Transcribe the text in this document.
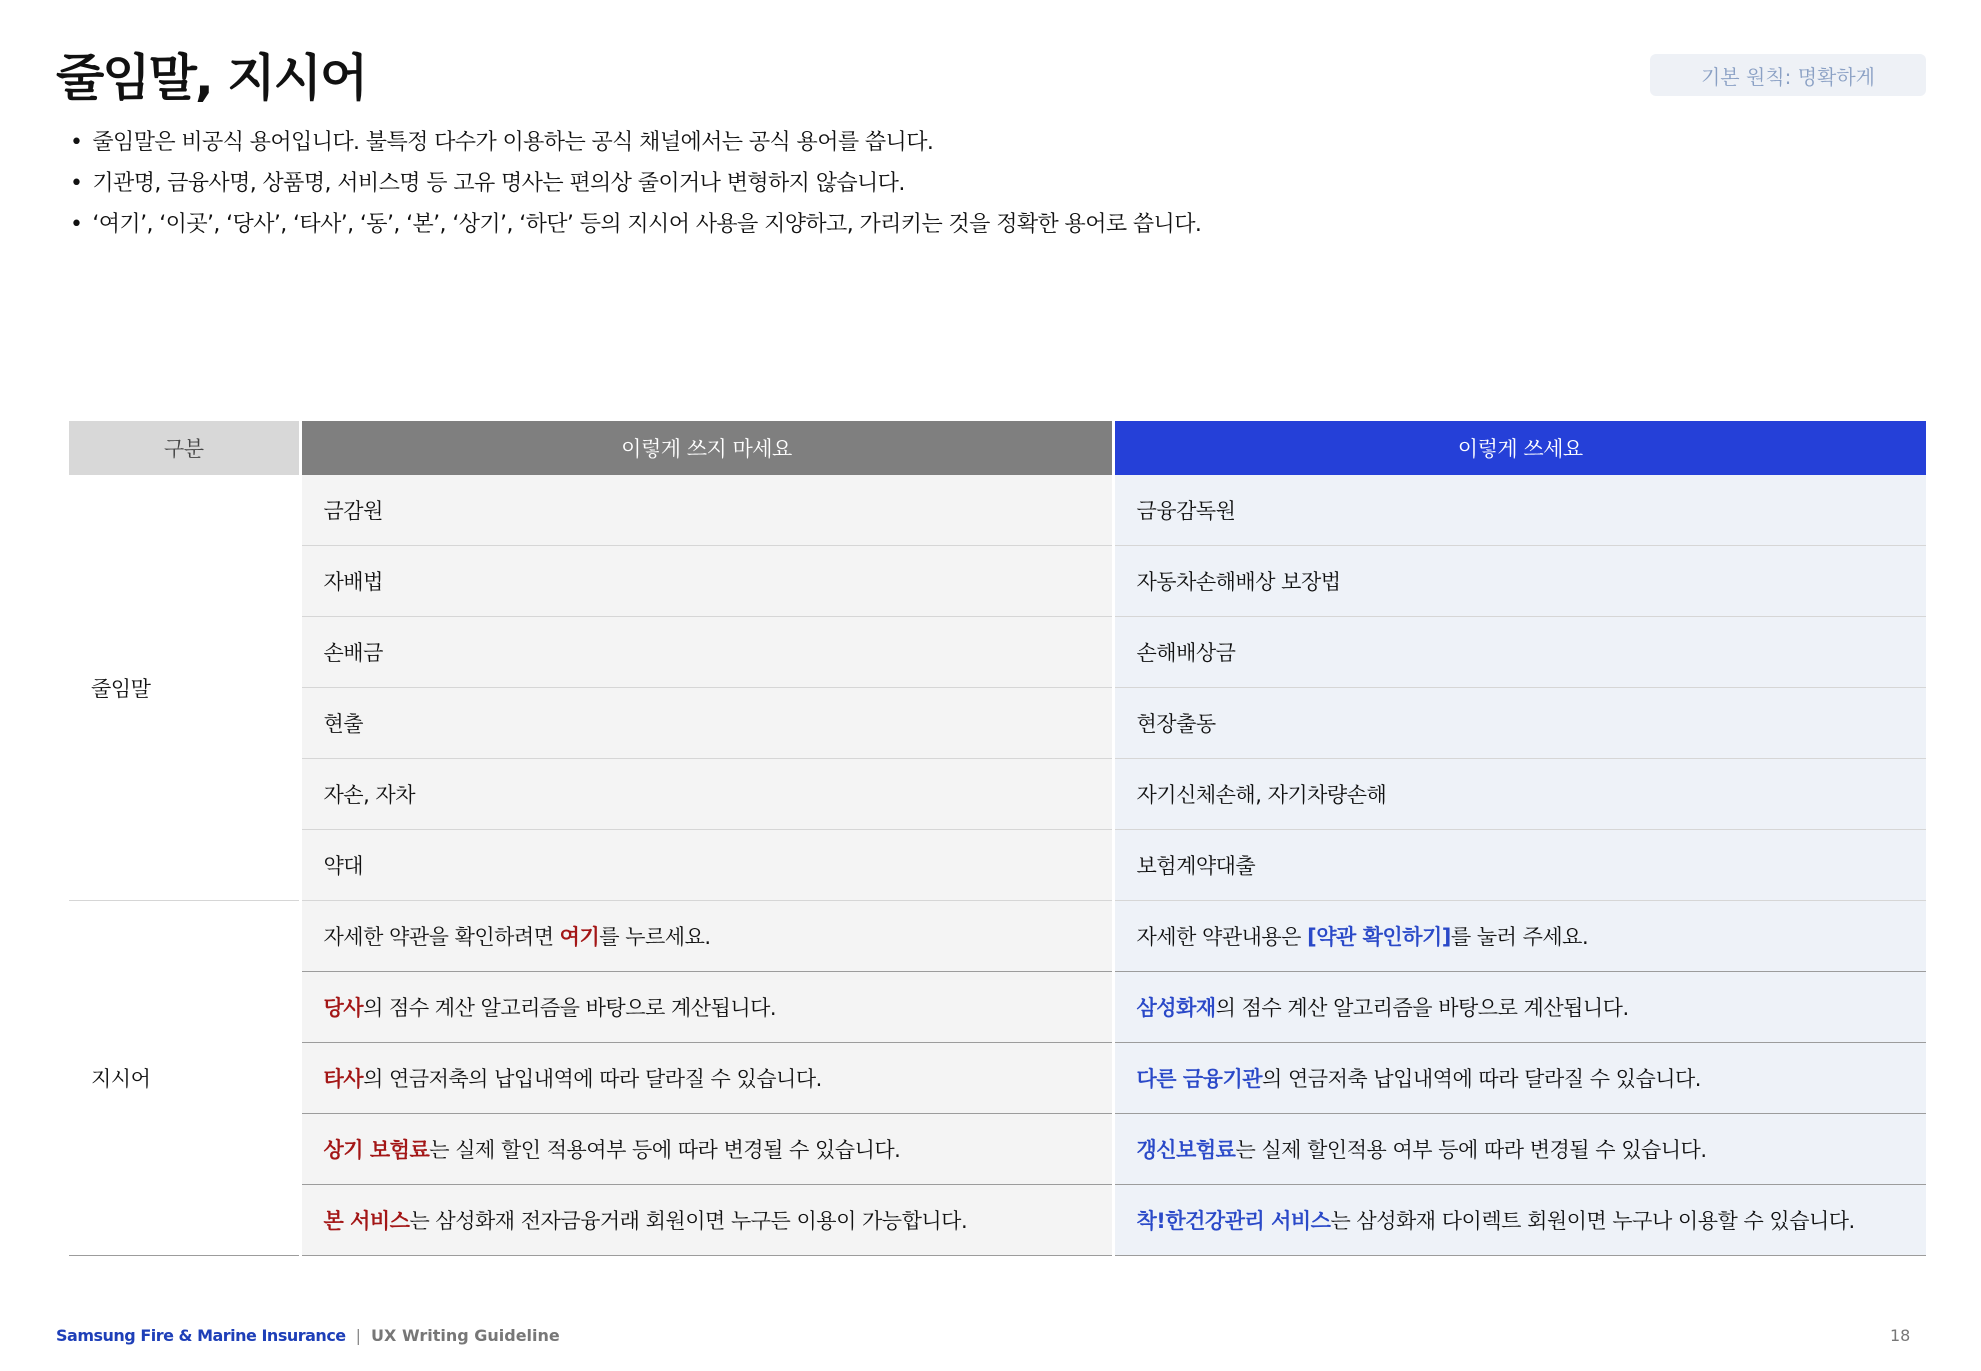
줄임말, 지시어	기본 원칙: 명확하게
• 줄임말은 비공식 용어입니다. 불특정 다수가 이용하는 공식 채널에서는 공식 용어를 씁니다.
• 기관명, 금융사명, 상품명, 서비스명 등 고유 명사는 편의상 줄이거나 변형하지 않습니다.
• ‘여기’, ‘이곳’, ‘당사’, ‘타사’, ‘동’, ‘본’, ‘상기’, ‘하단’ 등의 지시어 사용을 지양하고, 가리키는 것을 정확한 용어로 씁니다.
구분	이렇게 쓰지 마세요	이렇게 쓰세요
줄임말	금감원	금융감독원
	자배법	자동차손해배상 보장법
	손배금	손해배상금
	현출	현장출동
	자손, 자차	자기신체손해, 자기차량손해
	약대	보험계약대출
지시어	자세한 약관을 확인하려면 여기를 누르세요.	자세한 약관내용은 [약관 확인하기]를 눌러 주세요.
	당사의 점수 계산 알고리즘을 바탕으로 계산됩니다.	삼성화재의 점수 계산 알고리즘을 바탕으로 계산됩니다.
	타사의 연금저축의 납입내역에 따라 달라질 수 있습니다.	다른 금융기관의 연금저축 납입내역에 따라 달라질 수 있습니다.
	상기 보험료는 실제 할인 적용여부 등에 따라 변경될 수 있습니다.	갱신보험료는 실제 할인적용 여부 등에 따라 변경될 수 있습니다.
	본 서비스는 삼성화재 전자금융거래 회원이면 누구든 이용이 가능합니다.	착!한건강관리 서비스는 삼성화재 다이렉트 회원이면 누구나 이용할 수 있습니다.
Samsung Fire & Marine Insurance | UX Writing Guideline	18
